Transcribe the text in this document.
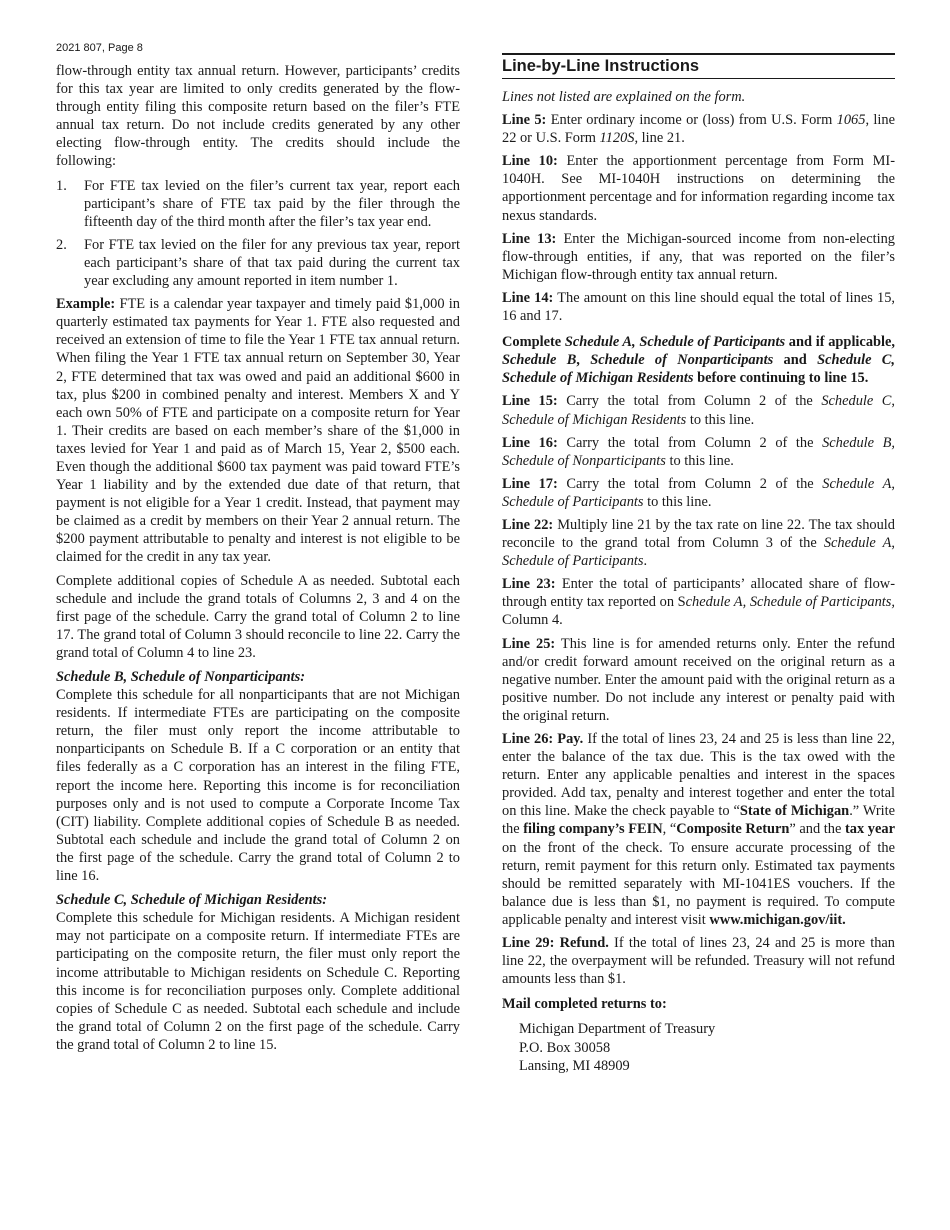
2021 807, Page 8

flow-through entity tax annual return. However, participants’ credits for this tax year are limited to only credits generated by the flow-through entity filing this composite return based on the filer’s FTE annual tax return. Do not include credits generated by any other electing flow-through entity. The credits should include the following:

1. For FTE tax levied on the filer’s current tax year, report each participant’s share of FTE tax paid by the filer through the fifteenth day of the third month after the filer’s tax year end.
2. For FTE tax levied on the filer for any previous tax year, report each participant’s share of that tax paid during the current tax year excluding any amount reported in item number 1.

Example: FTE is a calendar year taxpayer and timely paid $1,000 in quarterly estimated tax payments for Year 1. FTE also requested and received an extension of time to file the Year 1 FTE tax annual return. When filing the Year 1 FTE tax annual return on September 30, Year 2, FTE determined that tax was owed and paid an additional $600 in tax, plus $200 in combined penalty and interest. Members X and Y each own 50% of FTE and participate on a composite return for Year 1. Their credits are based on each member’s share of the $1,000 in taxes levied for Year 1 and paid as of March 15, Year 2, $500 each. Even though the additional $600 tax payment was paid toward FTE’s Year 1 liability and by the extended due date of that return, that payment is not eligible for a Year 1 credit. Instead, that payment may be claimed as a credit by members on their Year 2 annual return. The $200 payment attributable to penalty and interest is not eligible to be claimed for the credit in any tax year.

Complete additional copies of Schedule A as needed. Subtotal each schedule and include the grand totals of Columns 2, 3 and 4 on the first page of the schedule. Carry the grand total of Column 2 to line 17. The grand total of Column 3 should reconcile to line 22. Carry the grand total of Column 4 to line 23.

Schedule B, Schedule of Nonparticipants:

Complete this schedule for all nonparticipants that are not Michigan residents. If intermediate FTEs are participating on the composite return, the filer must only report the income attributable to nonparticipants on Schedule B. If a C corporation or an entity that files federally as a C corporation has an interest in the filing FTE, report the income here. Reporting this income is for reconciliation purposes only and is not used to compute a Corporate Income Tax (CIT) liability. Complete additional copies of Schedule B as needed. Subtotal each schedule and include the grand total of Column 2 on the first page of the schedule. Carry the grand total of Column 2 to line 16.

Schedule C, Schedule of Michigan Residents:

Complete this schedule for Michigan residents. A Michigan resident may not participate on a composite return. If intermediate FTEs are participating on the composite return, the filer must only report the income attributable to Michigan residents on Schedule C. Reporting this income is for reconciliation purposes only. Complete additional copies of Schedule C as needed. Subtotal each schedule and include the grand total of Column 2 on the first page of the schedule. Carry the grand total of Column 2 to line 15.

Line-by-Line Instructions

Lines not listed are explained on the form.

Line 5: Enter ordinary income or (loss) from U.S. Form 1065, line 22 or U.S. Form 1120S, line 21.

Line 10: Enter the apportionment percentage from Form MI-1040H. See MI-1040H instructions on determining the apportionment percentage and for information regarding income tax nexus standards.

Line 13: Enter the Michigan-sourced income from non-electing flow-through entities, if any, that was reported on the filer’s Michigan flow-through entity tax annual return.

Line 14: The amount on this line should equal the total of lines 15, 16 and 17.

Complete Schedule A, Schedule of Participants and if applicable, Schedule B, Schedule of Nonparticipants and Schedule C, Schedule of Michigan Residents before continuing to line 15.

Line 15: Carry the total from Column 2 of the Schedule C, Schedule of Michigan Residents to this line.

Line 16: Carry the total from Column 2 of the Schedule B, Schedule of Nonparticipants to this line.

Line 17: Carry the total from Column 2 of the Schedule A, Schedule of Participants to this line.

Line 22: Multiply line 21 by the tax rate on line 22. The tax should reconcile to the grand total from Column 3 of the Schedule A, Schedule of Participants.

Line 23: Enter the total of participants’ allocated share of flow-through entity tax reported on Schedule A, Schedule of Participants, Column 4.

Line 25: This line is for amended returns only. Enter the refund and/or credit forward amount received on the original return as a negative number. Enter the amount paid with the original return as a positive number. Do not include any interest or penalty paid with the original return.

Line 26: Pay. If the total of lines 23, 24 and 25 is less than line 22, enter the balance of the tax due. This is the tax owed with the return. Enter any applicable penalties and interest in the spaces provided. Add tax, penalty and interest together and enter the total on this line. Make the check payable to “State of Michigan.” Write the filing company’s FEIN, “Composite Return” and the tax year on the front of the check. To ensure accurate processing of the return, remit payment for this return only. Estimated tax payments should be remitted separately with MI-1041ES vouchers. If the balance due is less than $1, no payment is required. To compute applicable penalty and interest visit www.michigan.gov/iit.

Line 29: Refund. If the total of lines 23, 24 and 25 is more than line 22, the overpayment will be refunded. Treasury will not refund amounts less than $1.

Mail completed returns to:

Michigan Department of Treasury
P.O. Box 30058
Lansing, MI 48909
